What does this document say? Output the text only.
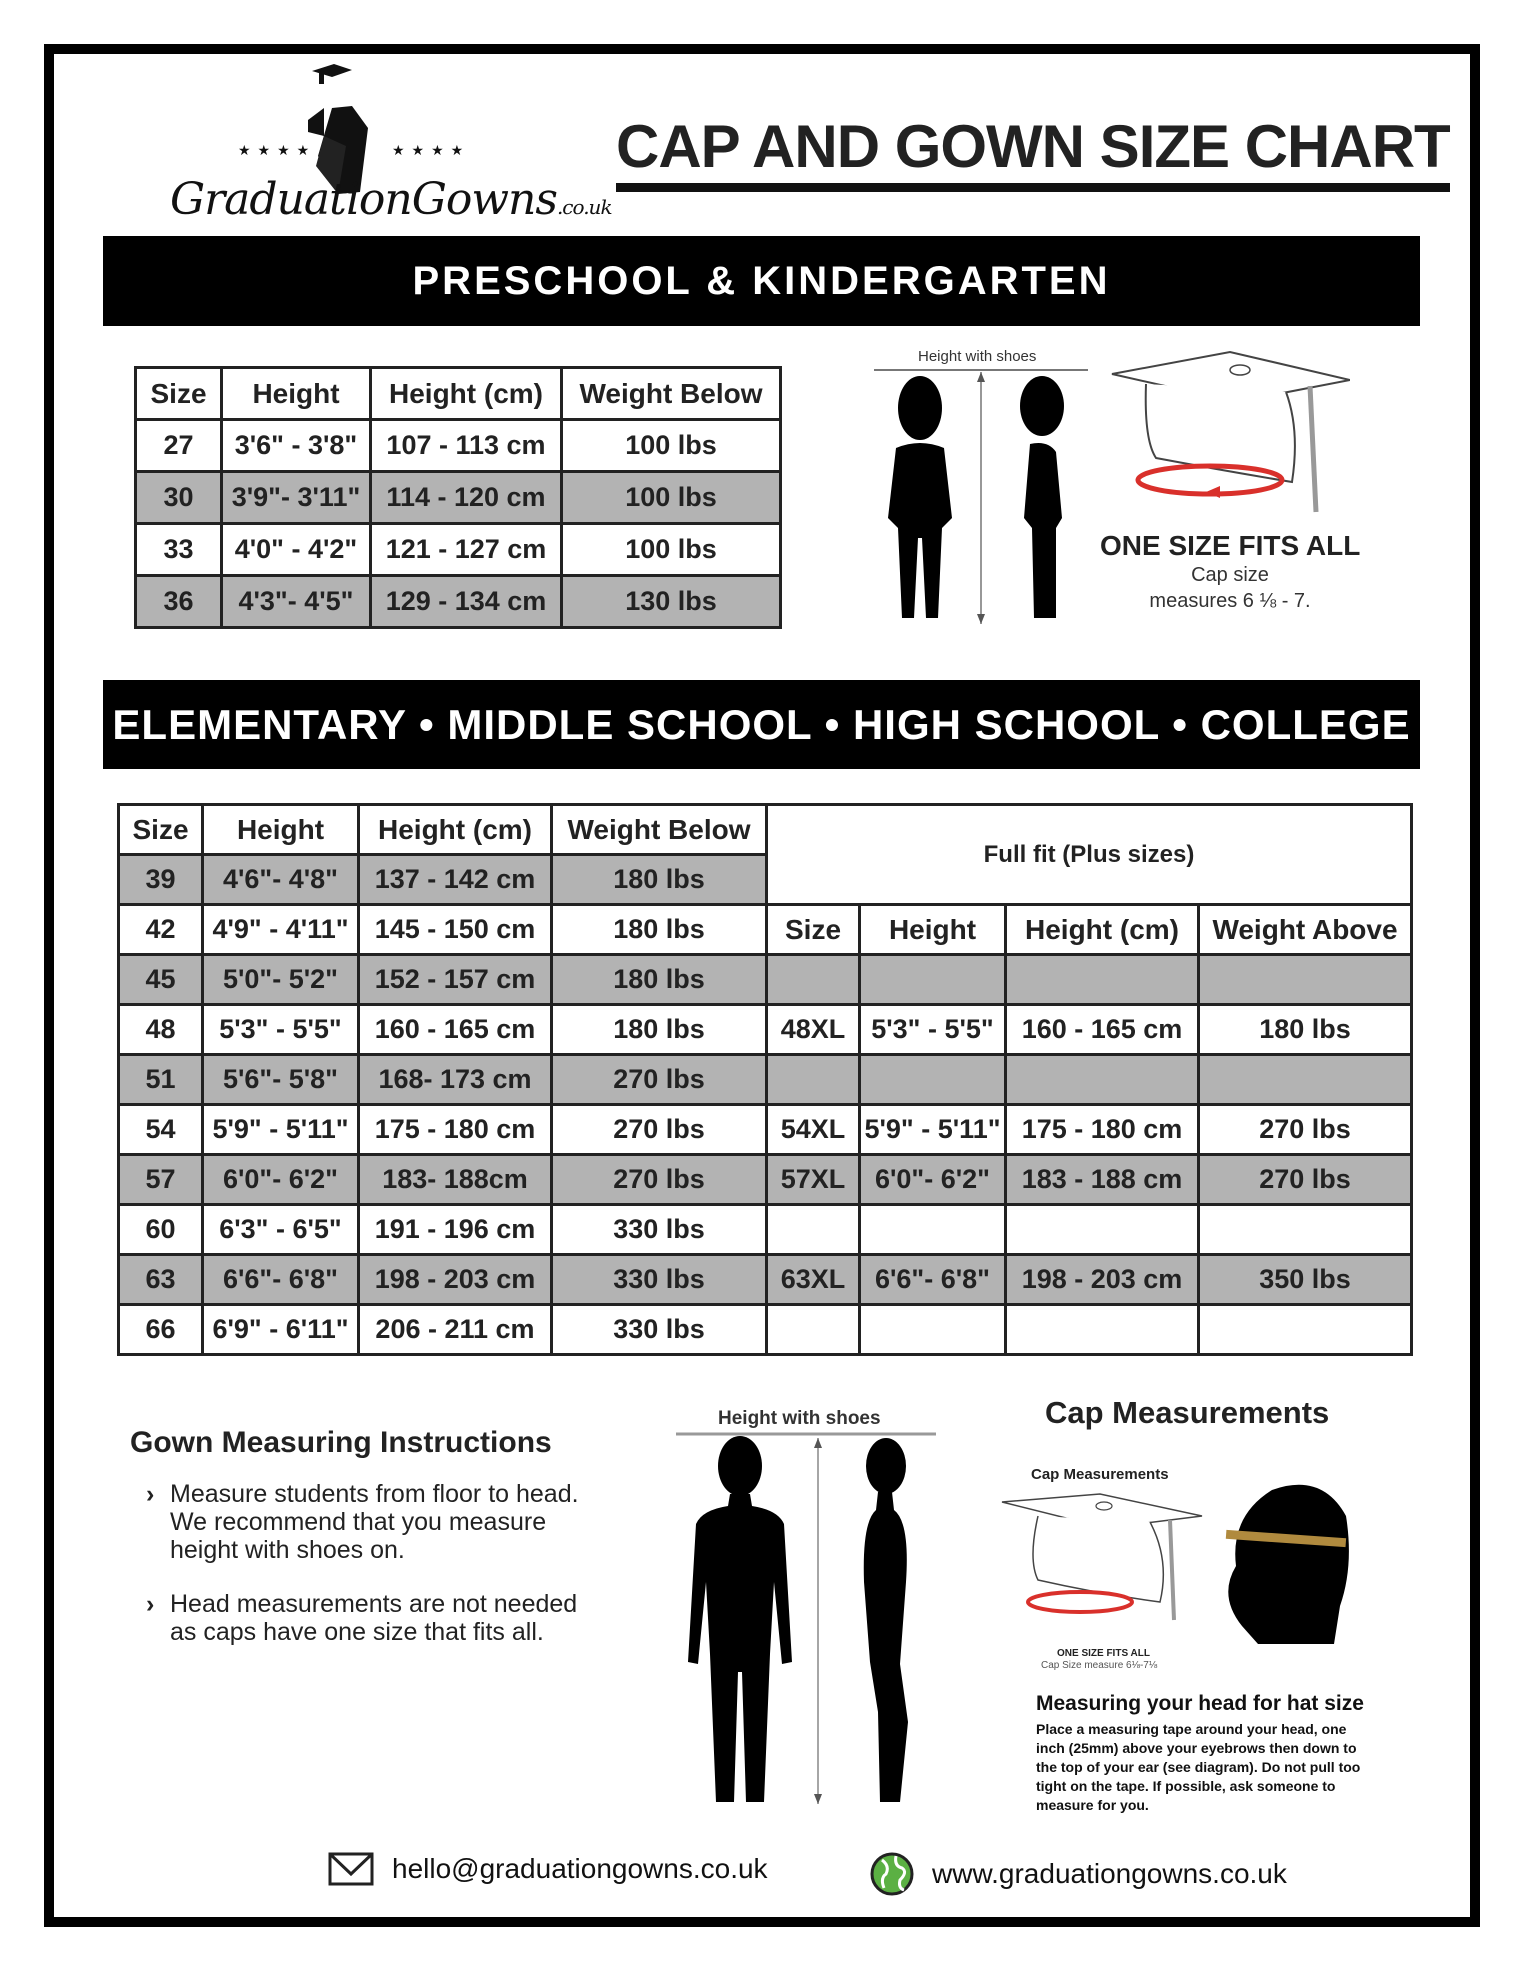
★★★★	★★★★
GraduationGowns.co.uk
CAP AND GOWN SIZE CHART
PRESCHOOL & KINDERGARTEN
Size	Height	Height (cm)	Weight Below
27	3'6" - 3'8"	107 - 113 cm	100 lbs
30	3'9"- 3'11"	114 - 120 cm	100 lbs
33	4'0" - 4'2"	121 - 127 cm	100 lbs
36	4'3"- 4'5"	129 - 134 cm	130 lbs
Height with shoes
ONE SIZE FITS ALL
Cap size
measures 6 ⅛ - 7.
ELEMENTARY • MIDDLE SCHOOL • HIGH SCHOOL • COLLEGE
Size	Height	Height (cm)	Weight Below	Full fit (Plus sizes)			
39	4'6"- 4'8"	137 - 142 cm	180 lbs				
42	4'9" - 4'11"	145 - 150 cm	180 lbs	Size	Height	Height (cm)	Weight Above
45	5'0"- 5'2"	152 - 157 cm	180 lbs				
48	5'3" - 5'5"	160 - 165 cm	180 lbs	48XL	5'3" - 5'5"	160 - 165 cm	180 lbs
51	5'6"- 5'8"	168- 173 cm	270 lbs				
54	5'9" - 5'11"	175 - 180 cm	270 lbs	54XL	5'9" - 5'11"	175 - 180 cm	270 lbs
57	6'0"- 6'2"	183- 188cm	270 lbs	57XL	6'0"- 6'2"	183 - 188 cm	270 lbs
60	6'3" - 6'5"	191 - 196 cm	330 lbs				
63	6'6"- 6'8"	198 - 203 cm	330 lbs	63XL	6'6"- 6'8"	198 - 203 cm	350 lbs
66	6'9" - 6'11"	206 - 211 cm	330 lbs				
Gown Measuring Instructions
› Measure students from floor to head. We recommend that you measure height with shoes on.
› Head measurements are not needed as caps have one size that fits all.
Height with shoes	Cap Measurements
Cap Measurements
ONE SIZE FITS ALL
Cap Size measure 6⅛-7⅛
Measuring your head for hat size
Place a measuring tape around your head, one inch (25mm) above your eyebrows then down to the top of your ear (see diagram). Do not pull too tight on the tape. If possible, ask someone to measure for you.
hello@graduationgowns.co.uk	www.graduationgowns.co.uk
